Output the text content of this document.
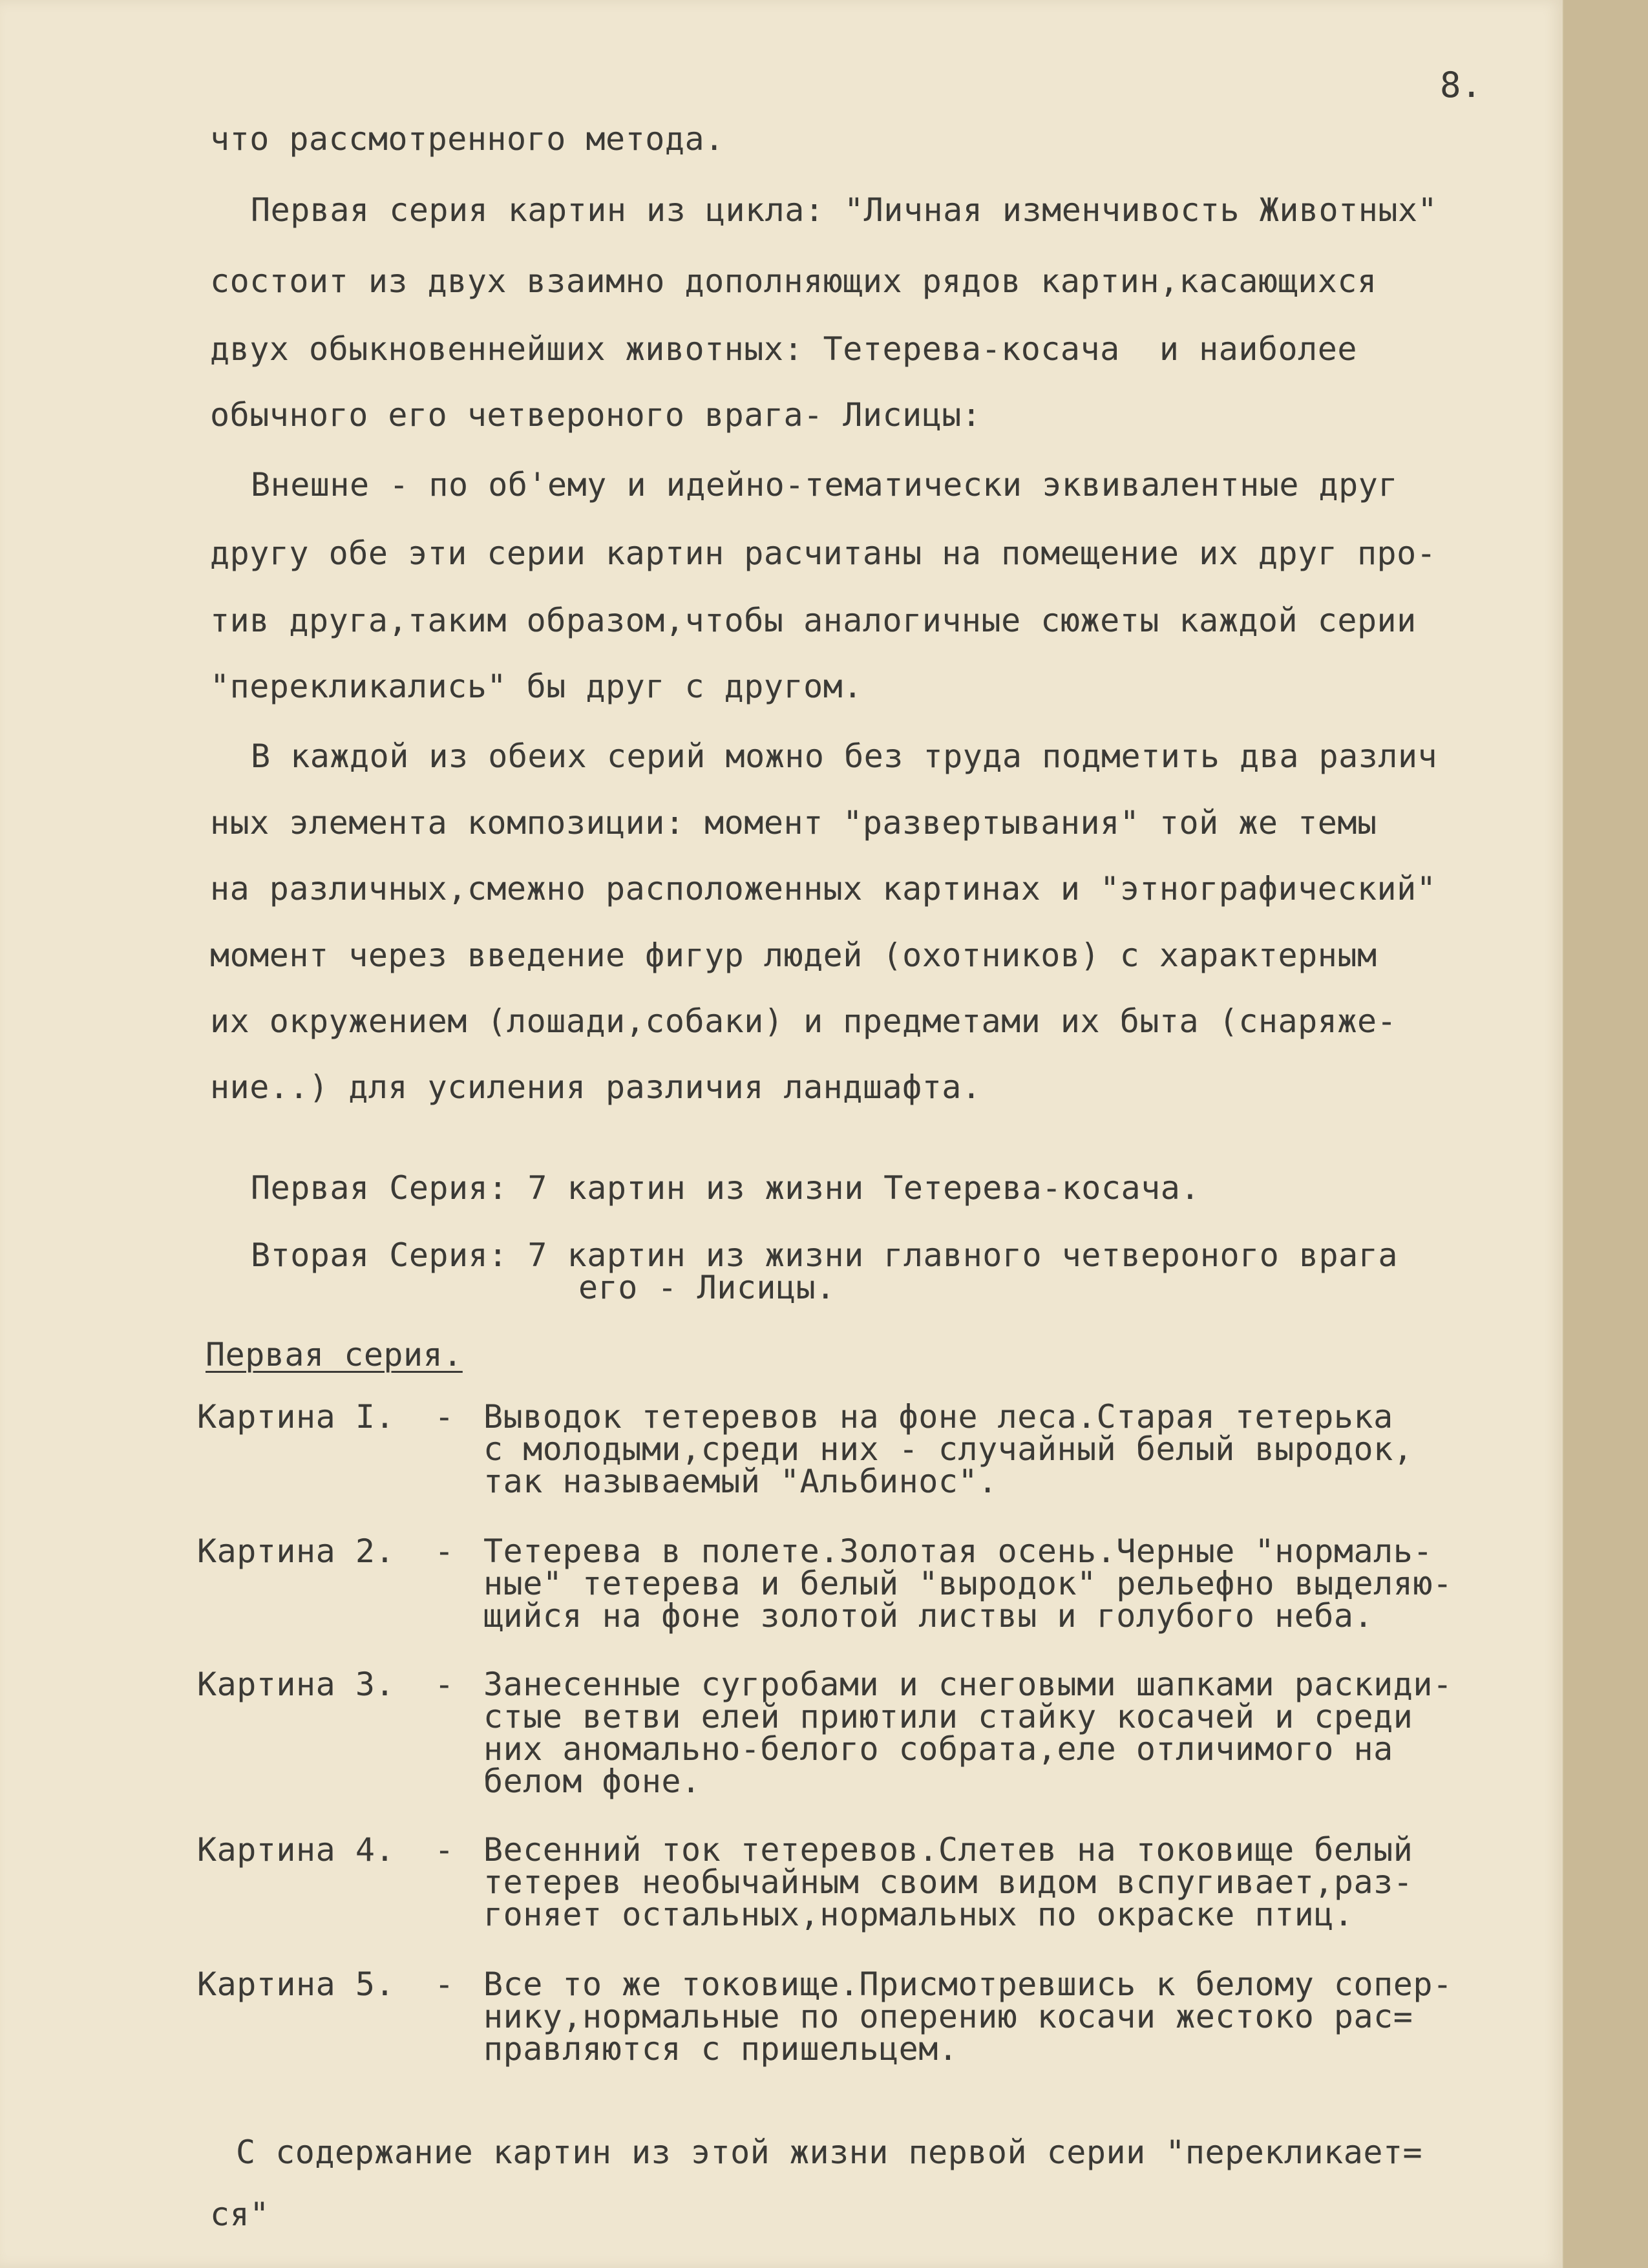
8.
что рассмотренного метода.
Первая серия картин из цикла: "Личная изменчивость Животных"
состоит из двух взаимно дополняющих рядов картин,касающихся
двух обыкновеннейших животных: Тетерева-косача  и наиболее
обычного его четвероного врага- Лисицы:
Внешне - по об'ему и идейно-тематически эквивалентные друг
другу обе эти серии картин расчитаны на помещение их друг про-
тив друга,таким образом,чтобы аналогичные сюжеты каждой серии
"перекликались" бы друг с другом.
В каждой из обеих серий можно без труда подметить два различ
ных элемента композиции: момент "развертывания" той же темы
на различных,смежно расположенных картинах и "этнографический"
момент через введение фигур людей (охотников) с характерным
их окружением (лошади,собаки) и предметами их быта (снаряже-
ние..) для усиления различия ландшафта.
Первая Серия: 7 картин из жизни Тетерева-косача.
Вторая Серия: 7 картин из жизни главного четвероного врага
его - Лисицы.
Первая серия.
Картина I.  - Выводок тетеревов на фоне леса.Старая тетерька
с молодыми,среди них - случайный белый выродок,
так называемый "Альбинос".
Картина 2.  - Тетерева в полете.Золотая осень.Черные "нормаль-
ные" тетерева и белый "выродок" рельефно выделяю-
щийся на фоне золотой листвы и голубого неба.
Картина 3.  - Занесенные сугробами и снеговыми шапками раскиди-
стые ветви елей приютили стайку косачей и среди
них аномально-белого собрата,еле отличимого на
белом фоне.
Картина 4.  - Весенний ток тетеревов.Слетев на токовище белый
тетерев необычайным своим видом вспугивает,раз-
гоняет остальных,нормальных по окраске птиц.
Картина 5.  - Все то же токовище.Присмотревшись к белому сопер-
нику,нормальные по оперению косачи жестоко рас=
правляются с пришельцем.
С содержание картин из этой жизни первой серии "перекликает=
ся"
